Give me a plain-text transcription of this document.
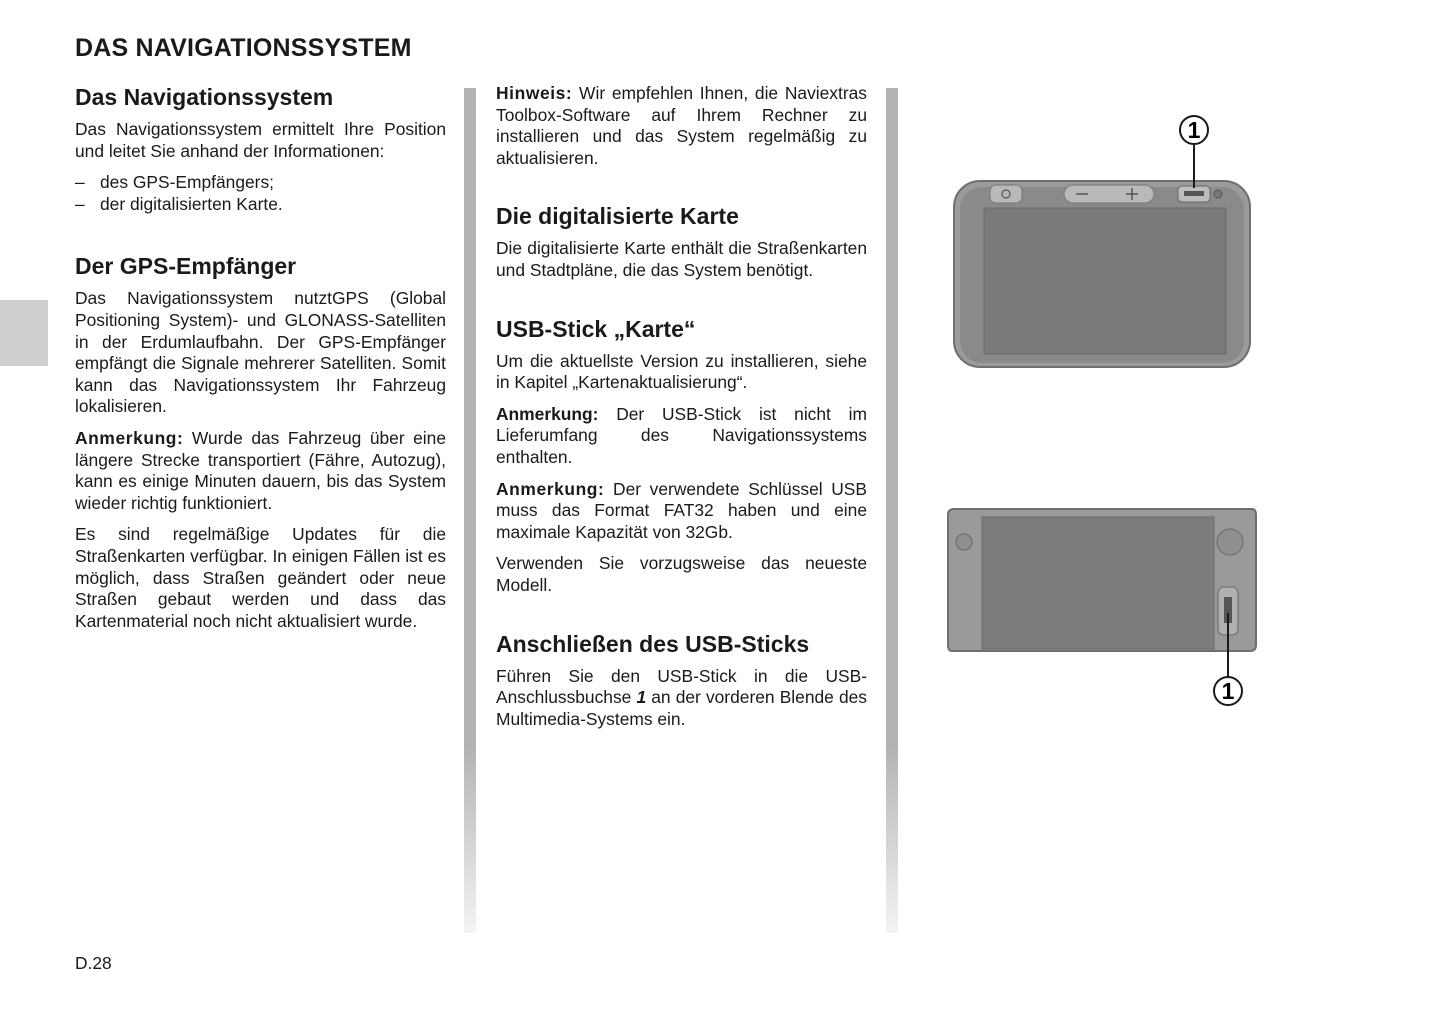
DAS NAVIGATIONSSYSTEM
Das Navigationssystem

Das Navigationssystem ermittelt Ihre Position und leitet Sie anhand der Informationen:

– des GPS-Empfängers;
– der digitalisierten Karte.
Der GPS-Empfänger

Das Navigationssystem nutztGPS (Global Positioning System)- und GLONASS-Satelliten in der Erdumlaufbahn. Der GPS-Empfänger empfängt die Signale mehrerer Satelliten. Somit kann das Navigationssystem Ihr Fahrzeug lokalisieren.

Anmerkung: Wurde das Fahrzeug über eine längere Strecke transportiert (Fähre, Autozug), kann es einige Minuten dauern, bis das System wieder richtig funktioniert.

Es sind regelmäßige Updates für die Straßenkarten verfügbar. In einigen Fällen ist es möglich, dass Straßen geändert oder neue Straßen gebaut werden und dass das Kartenmaterial noch nicht aktualisiert wurde.

Hinweis: Wir empfehlen Ihnen, die Naviextras Toolbox-Software auf Ihrem Rechner zu installieren und das System regelmäßig zu aktualisieren.

Die digitalisierte Karte

Die digitalisierte Karte enthält die Straßenkarten und Stadtpläne, die das System benötigt.

USB-Stick „Karte“

Um die aktuellste Version zu installieren, siehe in Kapitel „Kartenaktualisierung“.

Anmerkung: Der USB-Stick ist nicht im Lieferumfang des Navigationssystems enthalten.

Anmerkung: Der verwendete Schlüssel USB muss das Format FAT32 haben und eine maximale Kapazität von 32Gb.

Verwenden Sie vorzugsweise das neueste Modell.

Anschließen des USB-Sticks

Führen Sie den USB-Stick in die USB-Anschlussbuchse 1 an der vorderen Blende des Multimedia-Systems ein.

1
1
D.28
